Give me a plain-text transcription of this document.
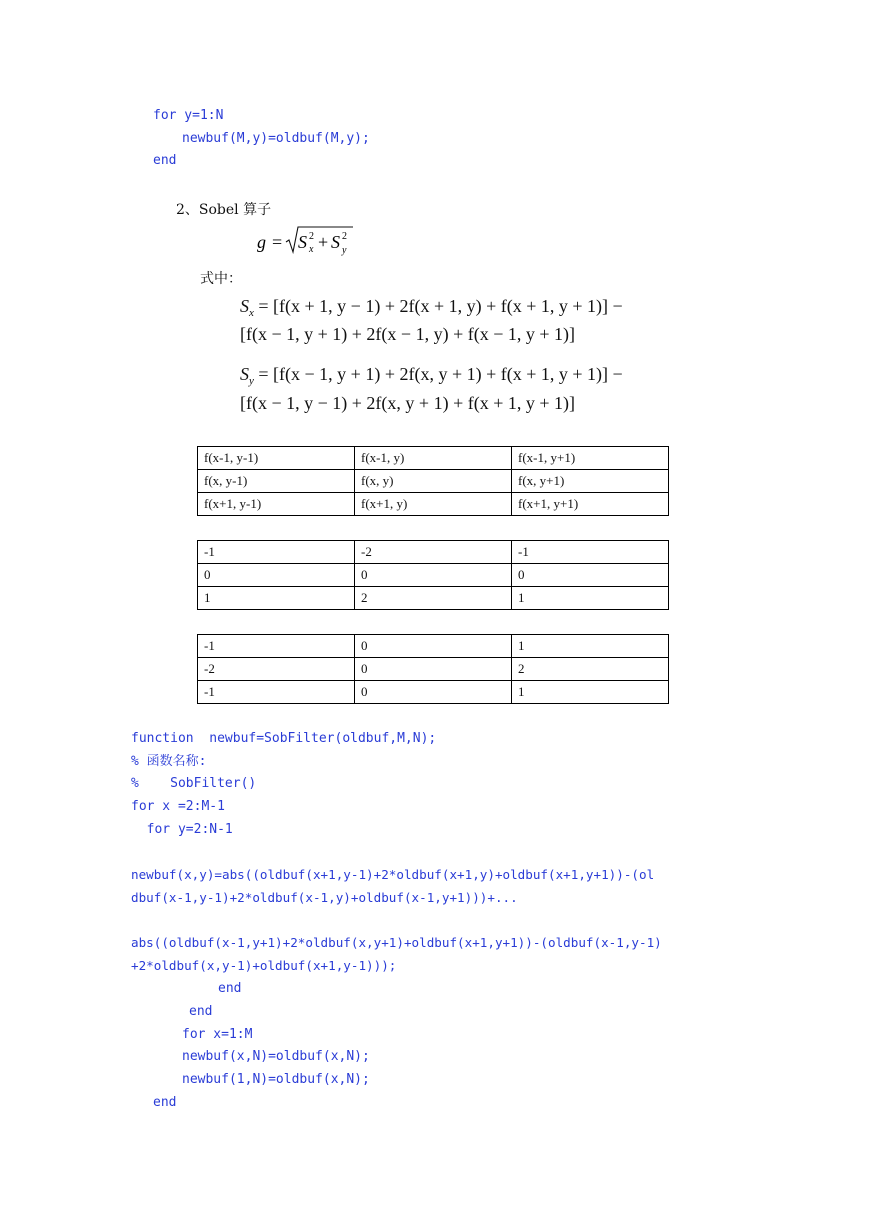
for y=1:N
newbuf(M,y)=oldbuf(M,y);
end
2、Sobel 算子
g = S 2
x + S 2
y
式中：
$S_x = [f(x + 1$, y − 1) + 2f(x + 1, y) + f(x + 1, y + 1)] −
[f(x − 1, y + 1) + 2f(x − 1, y) + f(x − 1, y + 1)]
$S_y = [f(x - 1$, y + 1) + 2f(x, y + 1) + f(x + 1, y + 1)] −
[f(x − 1, y − 1) + 2f(x, y + 1) + f(x + 1, y + 1)]
f(x-1, y-1)	f(x-1, y)	f(x-1, y+1)
f(x, y-1)	f(x, y)	f(x, y+1)
f(x+1, y-1)	f(x+1, y)	f(x+1, y+1)
-1	-2	-1
0	0	0
1	2	1
-1	0	1
-2	0	2
-1	0	1
function  newbuf=SobFilter(oldbuf,M,N);
% 函数名称:
%    SobFilter()
for x =2:M-1
for y=2:N-1
newbuf(x,y)=abs((oldbuf(x+1,y-1)+2*oldbuf(x+1,y)+oldbuf(x+1,y+1))-(ol
dbuf(x-1,y-1)+2*oldbuf(x-1,y)+oldbuf(x-1,y+1)))+...
abs((oldbuf(x-1,y+1)+2*oldbuf(x,y+1)+oldbuf(x+1,y+1))-(oldbuf(x-1,y-1)
+2*oldbuf(x,y-1)+oldbuf(x+1,y-1)));
end
end
for x=1:M
newbuf(x,N)=oldbuf(x,N);
newbuf(1,N)=oldbuf(x,N);
end
